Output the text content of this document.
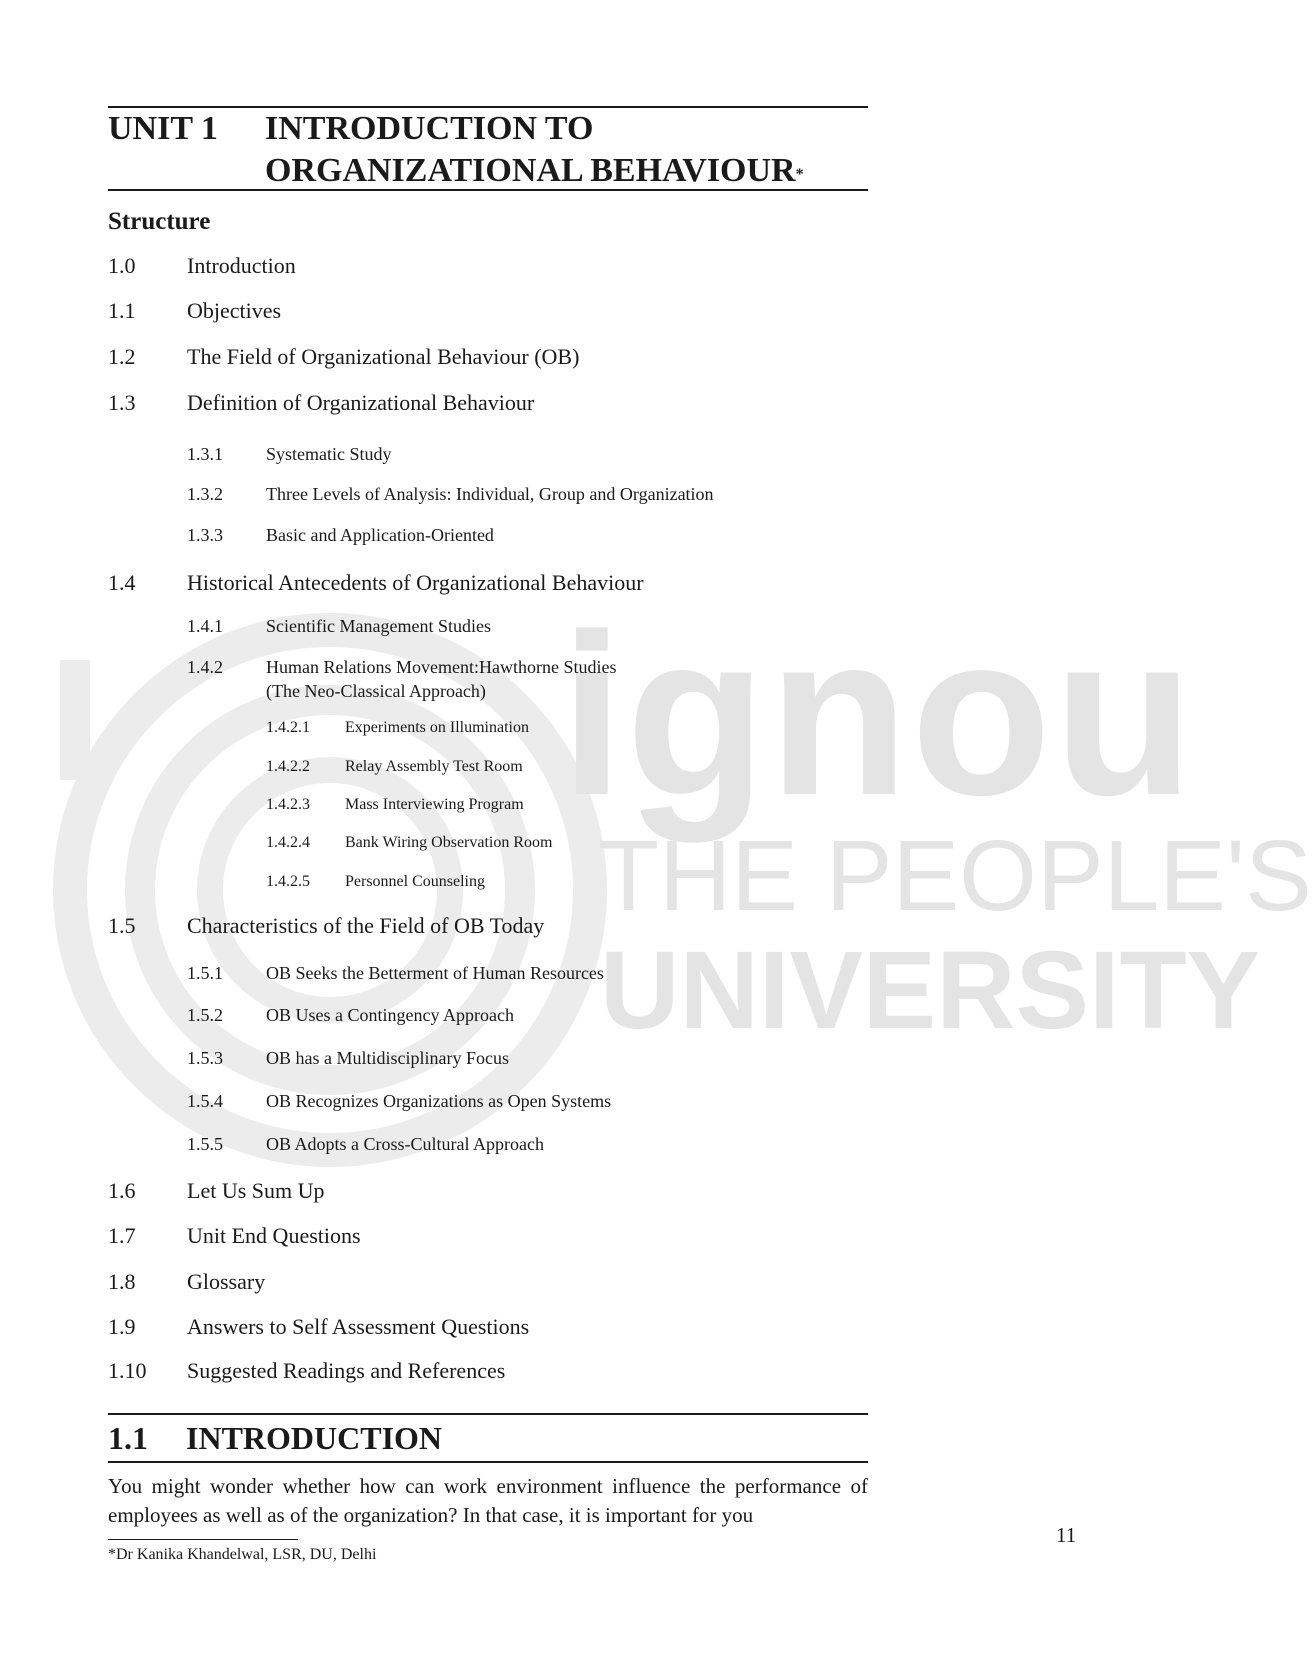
ignou
THE PEOPLE'S
UNIVERSITY
UNIT 1	INTRODUCTION TO
ORGANIZATIONAL BEHAVIOUR*
Structure
1.0 Introduction
1.1 Objectives
1.2 The Field of Organizational Behaviour (OB)
1.3 Definition of Organizational Behaviour
1.3.1 Systematic Study
1.3.2 Three Levels of Analysis: Individual, Group and Organization
1.3.3 Basic and Application-Oriented
1.4 Historical Antecedents of Organizational Behaviour
1.4.1 Scientific Management Studies
1.4.2 Human Relations Movement:Hawthorne Studies
(The Neo-Classical Approach)
1.4.2.1 Experiments on Illumination
1.4.2.2 Relay Assembly Test Room
1.4.2.3 Mass Interviewing Program
1.4.2.4 Bank Wiring Observation Room
1.4.2.5 Personnel Counseling
1.5 Characteristics of the Field of OB Today
1.5.1 OB Seeks the Betterment of Human Resources
1.5.2 OB Uses a Contingency Approach
1.5.3 OB has a Multidisciplinary Focus
1.5.4 OB Recognizes Organizations as Open Systems
1.5.5 OB Adopts a Cross-Cultural Approach
1.6 Let Us Sum Up
1.7 Unit End Questions
1.8 Glossary
1.9 Answers to Self Assessment Questions
1.10 Suggested Readings and References
1.1 INTRODUCTION
You might wonder whether how can work environment influence the performance of employees as well as of the organization? In that case, it is important for you
*Dr Kanika Khandelwal, LSR, DU, Delhi
11
